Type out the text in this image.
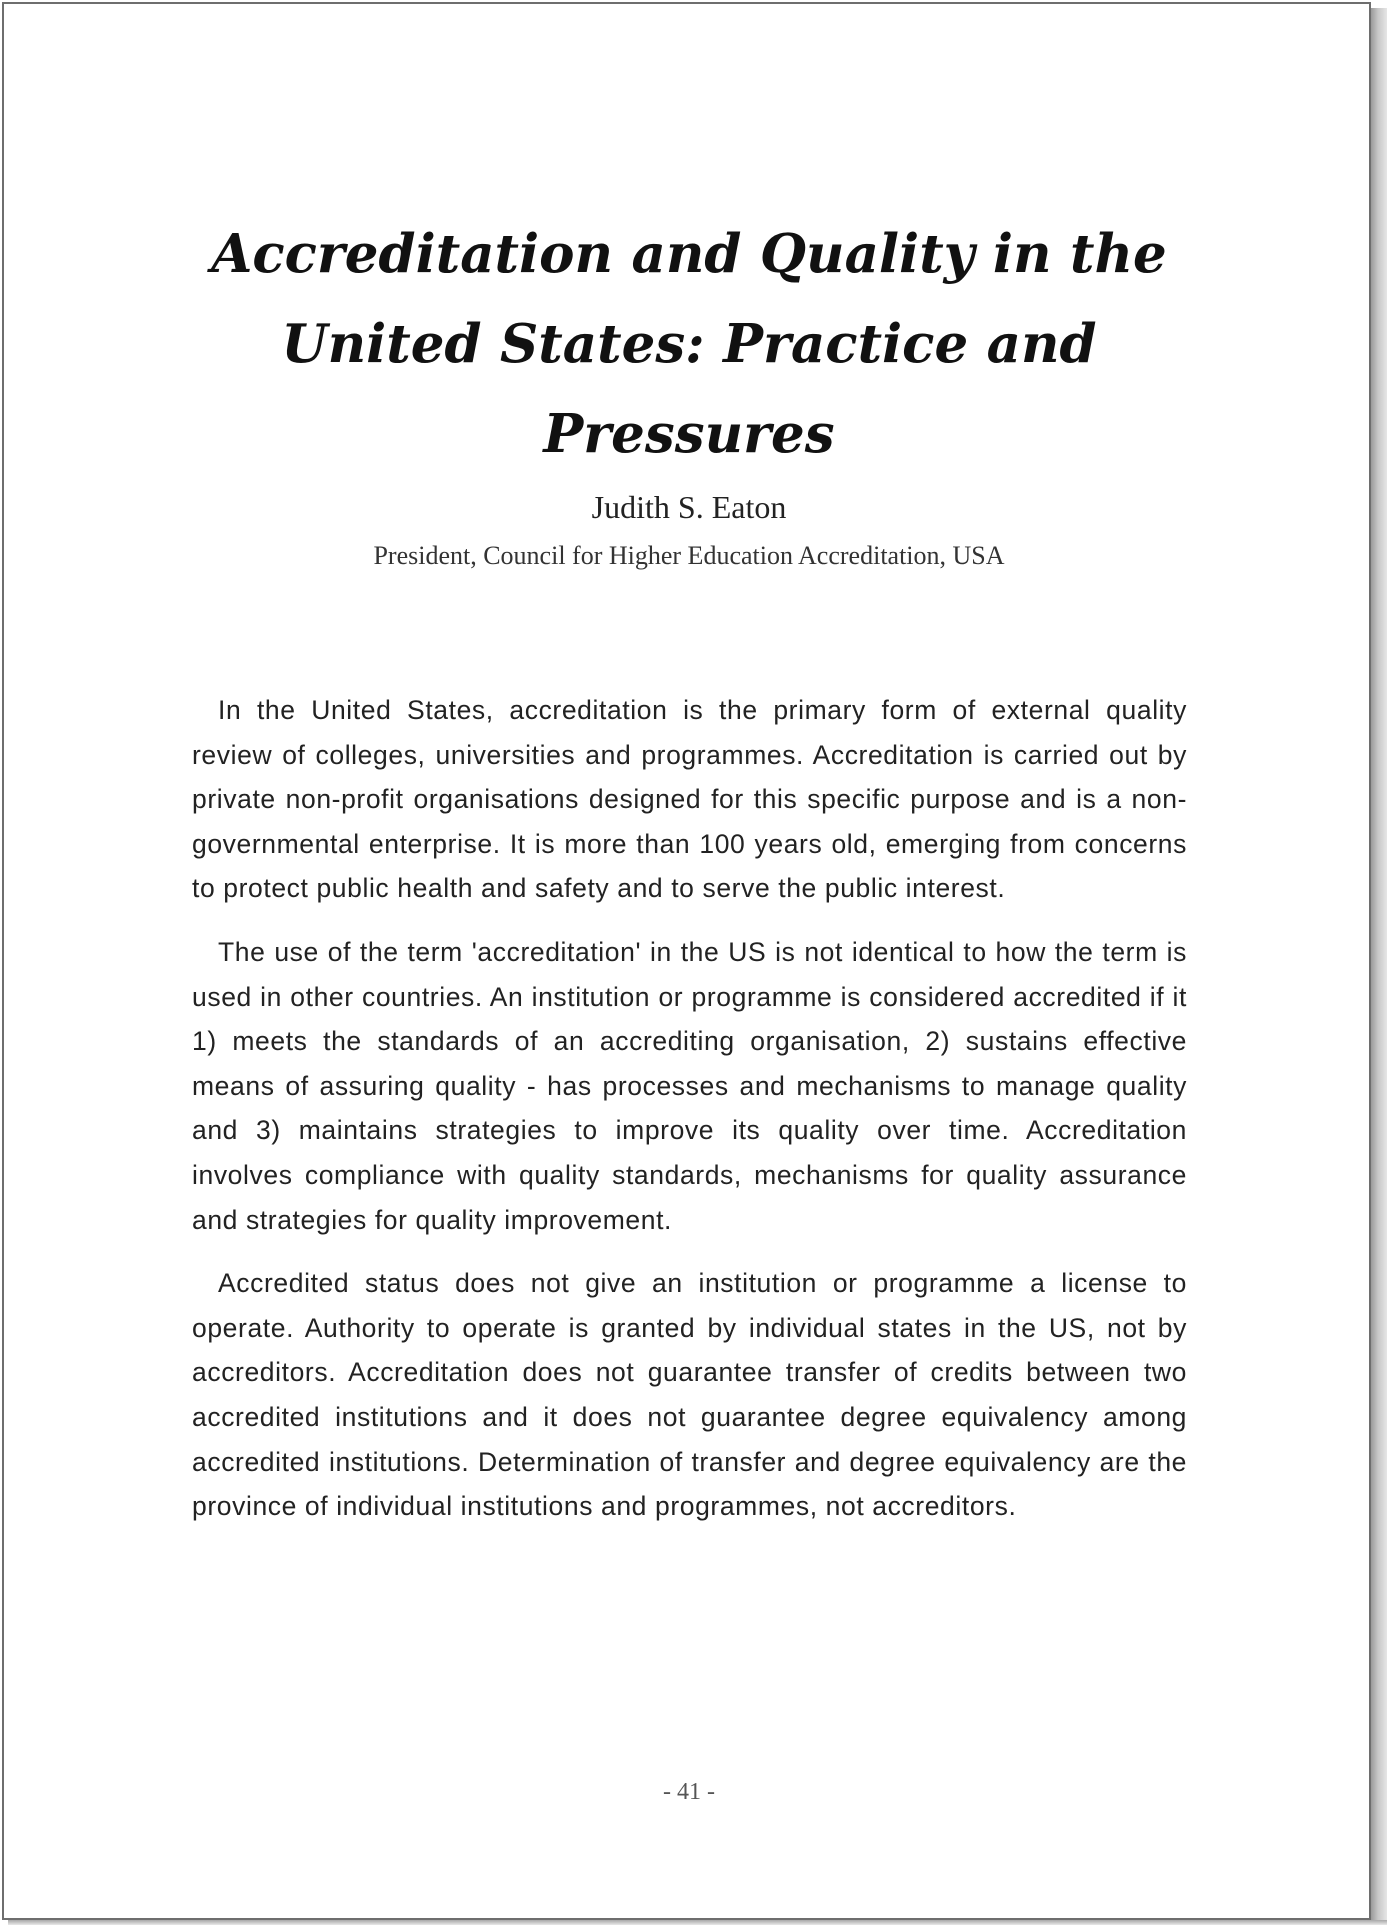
Accreditation and Quality in the United States: Practice and Pressures
Judith S. Eaton
President, Council for Higher Education Accreditation, USA

In the United States, accreditation is the primary form of external quality review of colleges, universities and programmes. Accreditation is carried out by private non-profit organisations designed for this specific purpose and is a non-governmental enterprise. It is more than 100 years old, emerging from concerns to protect public health and safety and to serve the public interest.

The use of the term 'accreditation' in the US is not identical to how the term is used in other countries. An institution or programme is considered accredited if it 1) meets the standards of an accrediting organisation, 2) sustains effective means of assuring quality - has processes and mechanisms to manage quality and 3) maintains strategies to improve its quality over time. Accreditation involves compliance with quality standards, mechanisms for quality assurance and strategies for quality improvement.

Accredited status does not give an institution or programme a license to operate. Authority to operate is granted by individual states in the US, not by accreditors. Accreditation does not guarantee transfer of credits between two accredited institutions and it does not guarantee degree equivalency among accredited institutions. Determination of transfer and degree equivalency are the province of individual institutions and programmes, not accreditors.

- 41 -
